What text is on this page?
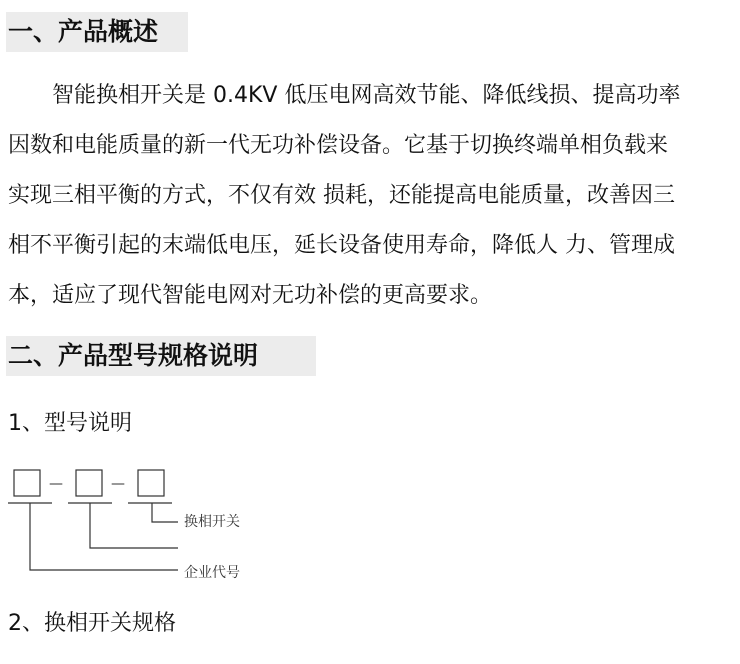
一、产品概述
智能换相开关是 0.4KV 低压电网高效节能、降低线损、提高功率
因数和电能质量的新一代无功补偿设备。它基于切换终端单相负载来
实现三相平衡的方式，不仅有效 损耗，还能提高电能质量，改善因三
相不平衡引起的末端低电压，延长设备使用寿命，降低人 力、管理成
本，适应了现代智能电网对无功补偿的更高要求。
二、产品型号规格说明
1、型号说明
—	—
换相开关
企业代号
2、换相开关规格
